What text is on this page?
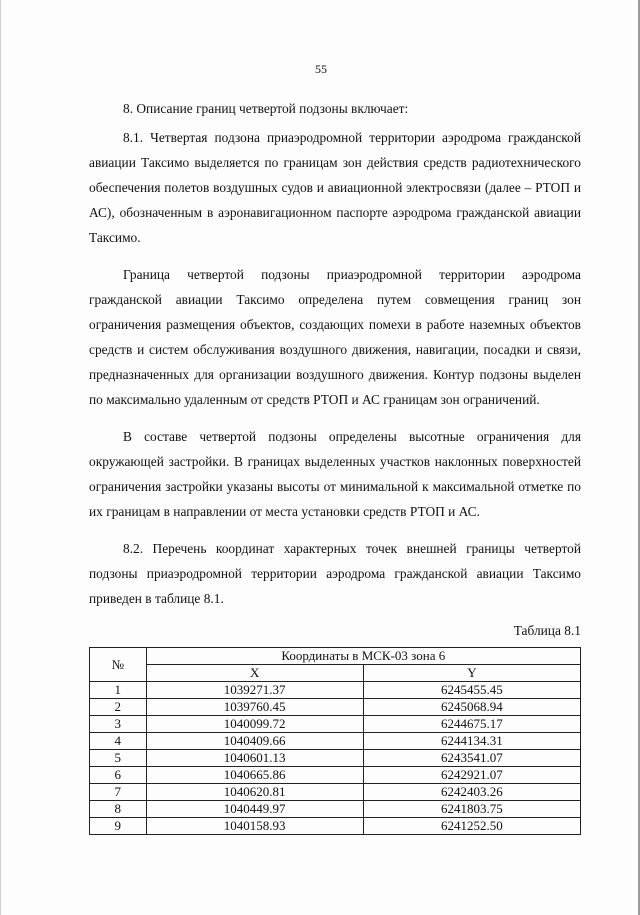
55

8. Описание границ четвертой подзоны включает:

8.1. Четвертая подзона приаэродромной территории аэродрома гражданской авиации Таксимо выделяется по границам зон действия средств радиотехнического обеспечения полетов воздушных судов и авиационной электросвязи (далее – РТОП и АС), обозначенным в аэронавигационном паспорте аэродрома гражданской авиации Таксимо.

Граница четвертой подзоны приаэродромной территории аэродрома гражданской авиации Таксимо определена путем совмещения границ зон ограничения размещения объектов, создающих помехи в работе наземных объектов средств и систем обслуживания воздушного движения, навигации, посадки и связи, предназначенных для организации воздушного движения. Контур подзоны выделен по максимально удаленным от средств РТОП и АС границам зон ограничений.

В составе четвертой подзоны определены высотные ограничения для окружающей застройки. В границах выделенных участков наклонных поверхностей ограничения застройки указаны высоты от минимальной к максимальной отметке по их границам в направлении от места установки средств РТОП и АС.

8.2. Перечень координат характерных точек внешней границы четвертой подзоны приаэродромной территории аэродрома гражданской авиации Таксимо приведен в таблице 8.1.

Таблица 8.1
№	Координаты в МСК-03 зона 6	
	X	Y
1	1039271.37	6245455.45
2	1039760.45	6245068.94
3	1040099.72	6244675.17
4	1040409.66	6244134.31
5	1040601.13	6243541.07
6	1040665.86	6242921.07
7	1040620.81	6242403.26
8	1040449.97	6241803.75
9	1040158.93	6241252.50
